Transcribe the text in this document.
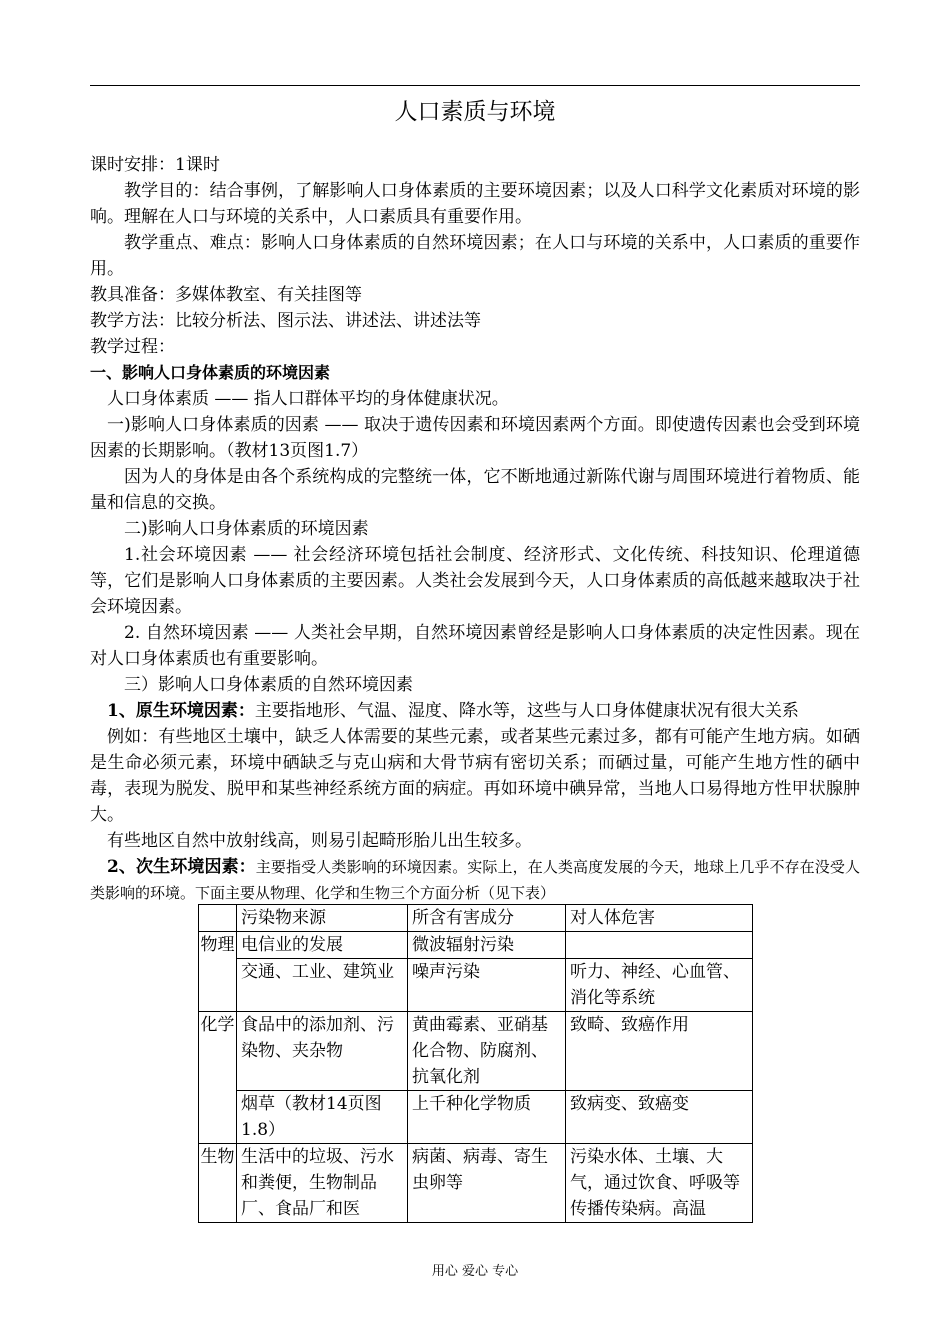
人口素质与环境

课时安排：1课时

教学目的：结合事例，了解影响人口身体素质的主要环境因素；以及人口科学文化素质对环境的影响。理解在人口与环境的关系中，人口素质具有重要作用。

教学重点、难点：影响人口身体素质的自然环境因素；在人口与环境的关系中，人口素质的重要作用。

教具准备：多媒体教室、有关挂图等

教学方法：比较分析法、图示法、讲述法、讲述法等

教学过程：

一、影响人口身体素质的环境因素

人口身体素质 —— 指人口群体平均的身体健康状况。

一)影响人口身体素质的因素 —— 取决于遗传因素和环境因素两个方面。即使遗传因素也会受到环境因素的长期影响。（教材13页图1.7）

因为人的身体是由各个系统构成的完整统一体，它不断地通过新陈代谢与周围环境进行着物质、能量和信息的交换。

二)影响人口身体素质的环境因素

1.社会环境因素 —— 社会经济环境包括社会制度、经济形式、文化传统、科技知识、伦理道德等，它们是影响人口身体素质的主要因素。人类社会发展到今天，人口身体素质的高低越来越取决于社会环境因素。

2. 自然环境因素 —— 人类社会早期，自然环境因素曾经是影响人口身体素质的决定性因素。现在对人口身体素质也有重要影响。

三）影响人口身体素质的自然环境因素

1、原生环境因素：主要指地形、气温、湿度、降水等，这些与人口身体健康状况有很大关系

例如：有些地区土壤中，缺乏人体需要的某些元素，或者某些元素过多，都有可能产生地方病。如硒是生命必须元素，环境中硒缺乏与克山病和大骨节病有密切关系；而硒过量，可能产生地方性的硒中毒，表现为脱发、脱甲和某些神经系统方面的病症。再如环境中碘异常，当地人口易得地方性甲状腺肿大。

有些地区自然中放射线高，则易引起畸形胎儿出生较多。

2、次生环境因素：主要指受人类影响的环境因素。实际上，在人类高度发展的今天，地球上几乎不存在没受人类影响的环境。下面主要从物理、化学和生物三个方面分析（见下表）

	污染物来源	所含有害成分	对人体危害
物理	电信业的发展	微波辐射污染	
	交通、工业、建筑业	噪声污染	听力、神经、心血管、消化等系统
化学	食品中的添加剂、污染物、夹杂物	黄曲霉素、亚硝基化合物、防腐剂、抗氧化剂	致畸、致癌作用
	烟草（教材14页图1.8）	上千种化学物质	致病变、致癌变
生物	生活中的垃圾、污水和粪便，生物制品厂、食品厂和医	病菌、病毒、寄生虫卵等	污染水体、土壤、大气，通过饮食、呼吸等传播传染病。高温
用心 爱心 专心
